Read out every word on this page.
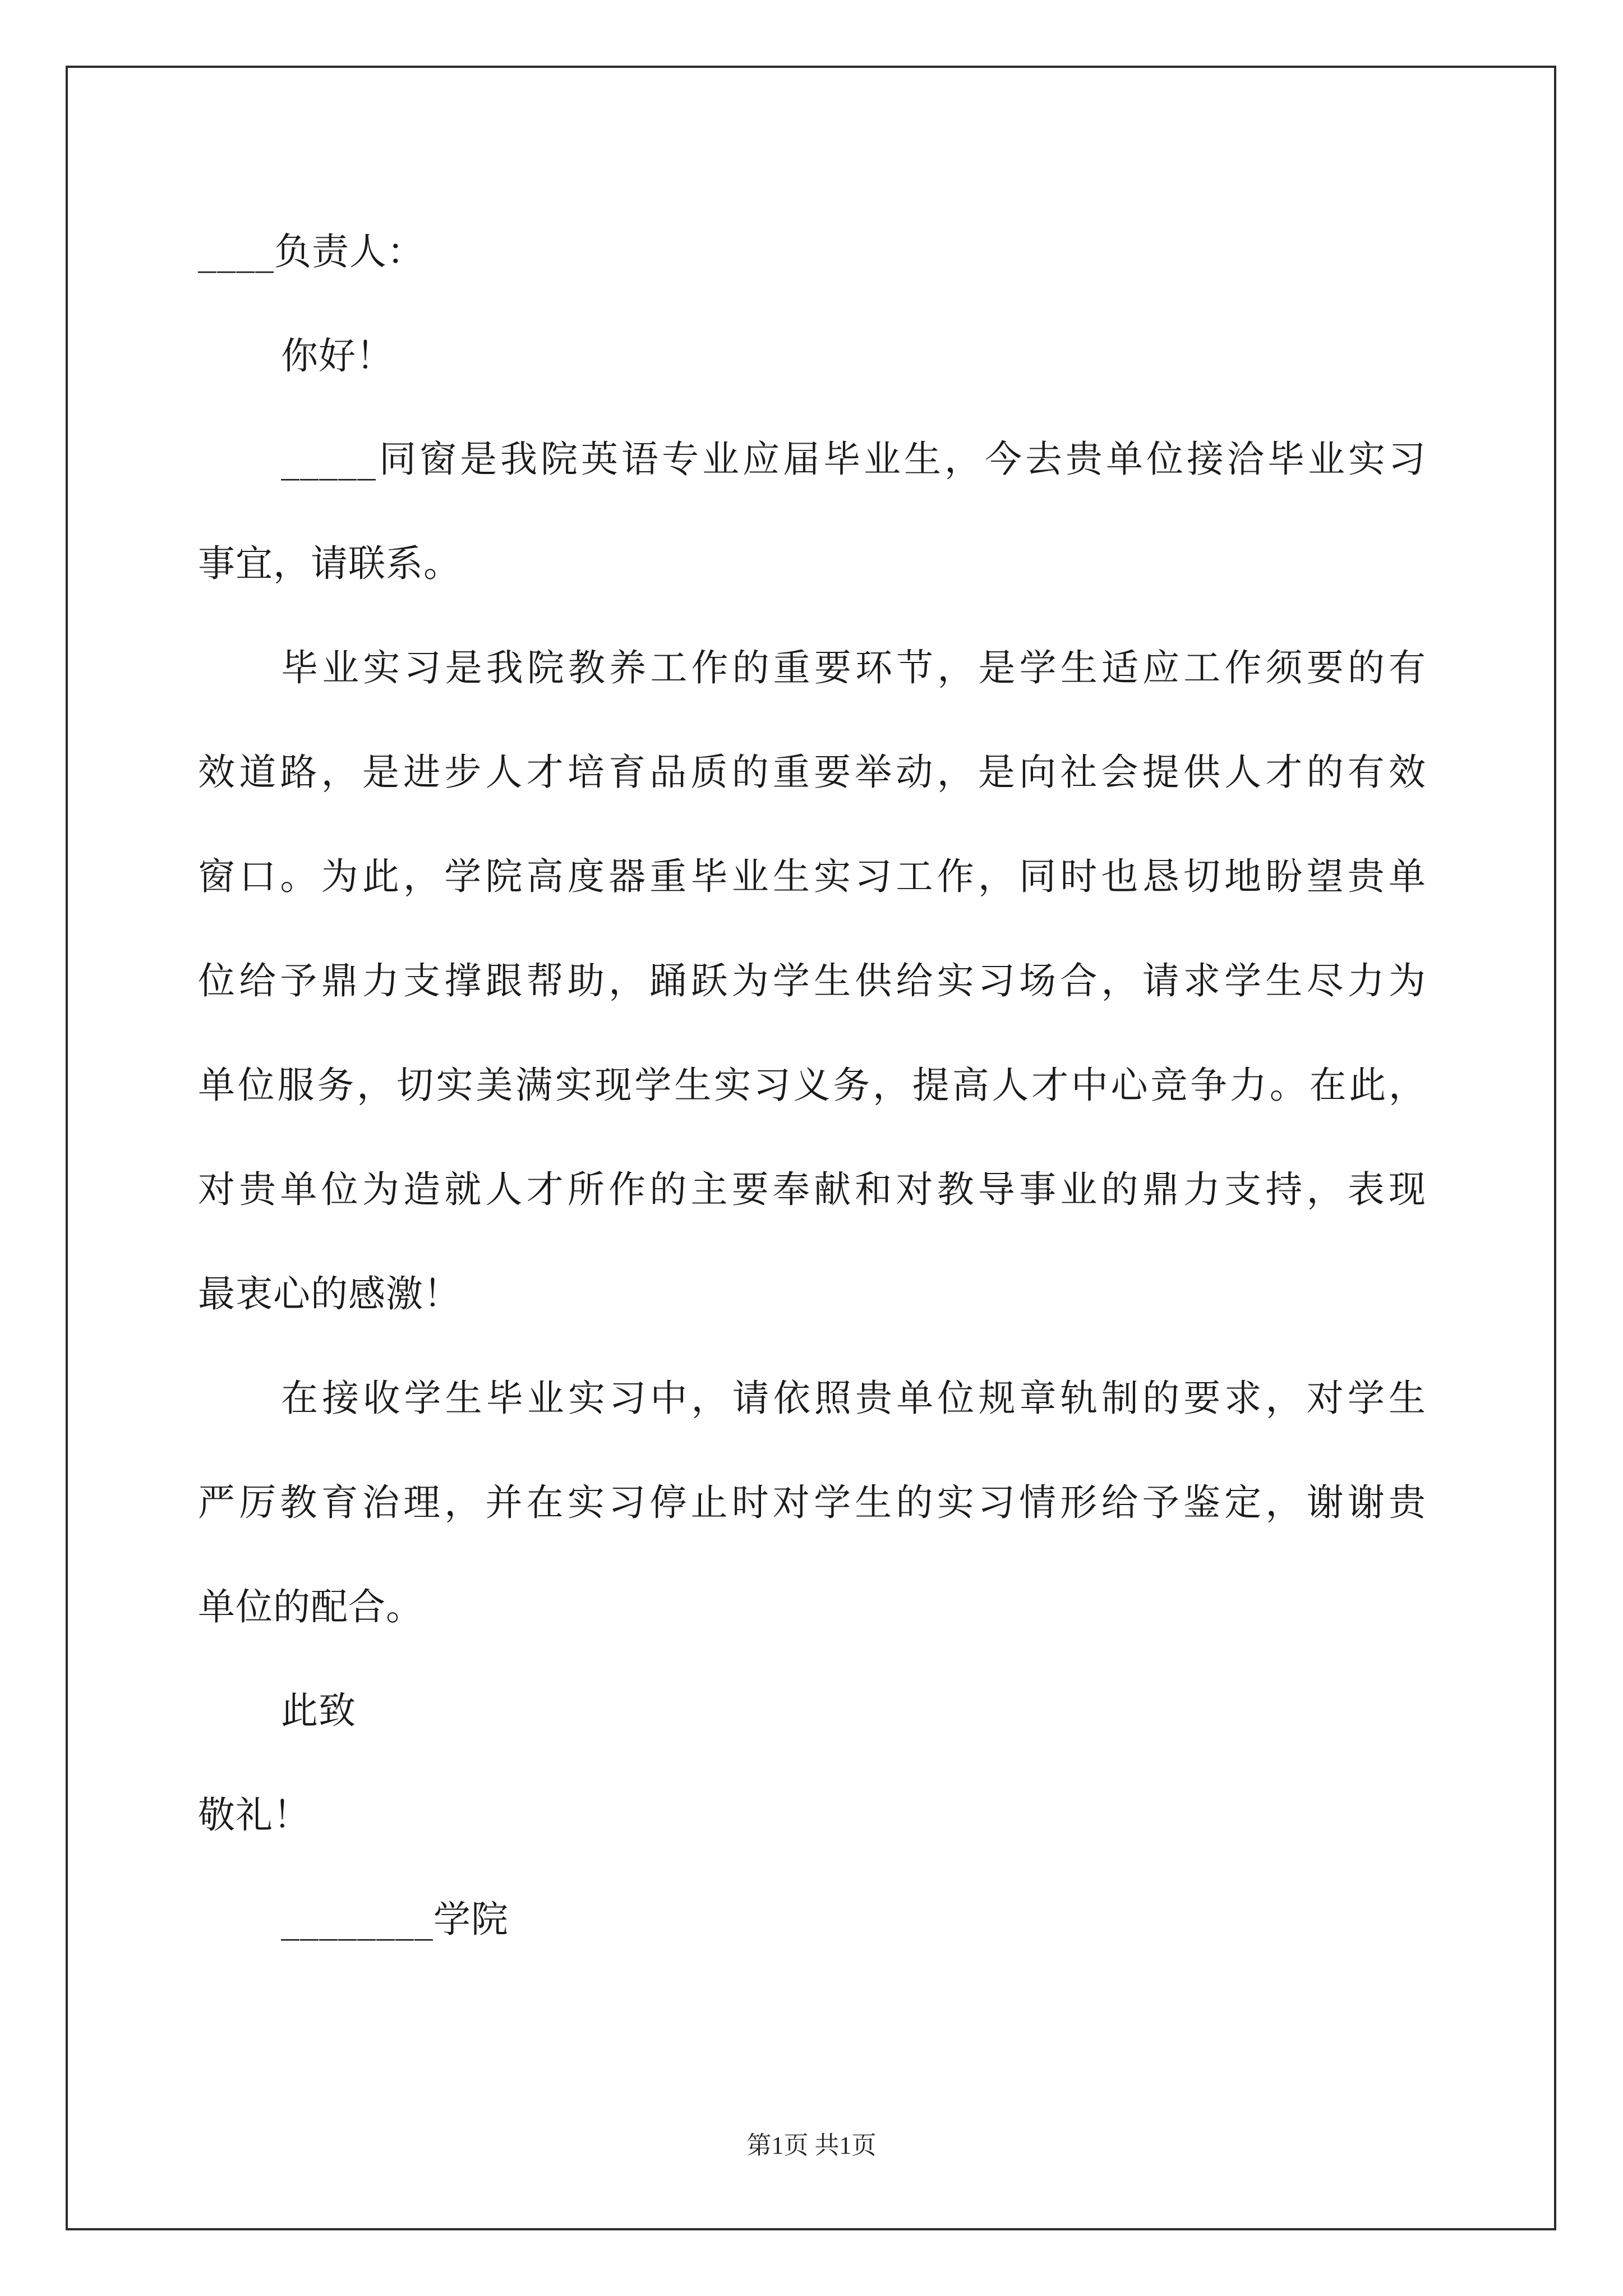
____负责人：
你好！
_____同窗是我院英语专业应届毕业生，今去贵单位接洽毕业实习
事宜，请联系。
毕业实习是我院教养工作的重要环节，是学生适应工作须要的有
效道路，是进步人才培育品质的重要举动，是向社会提供人才的有效
窗口。为此，学院高度器重毕业生实习工作，同时也恳切地盼望贵单
位给予鼎力支撑跟帮助，踊跃为学生供给实习场合，请求学生尽力为
单位服务，切实美满实现学生实习义务，提高人才中心竞争力。在此，
对贵单位为造就人才所作的主要奉献和对教导事业的鼎力支持，表现
最衷心的感激！
在接收学生毕业实习中，请依照贵单位规章轨制的要求，对学生
严厉教育治理，并在实习停止时对学生的实习情形给予鉴定，谢谢贵
单位的配合。
此致
敬礼！
________学院
第1页 共1页
